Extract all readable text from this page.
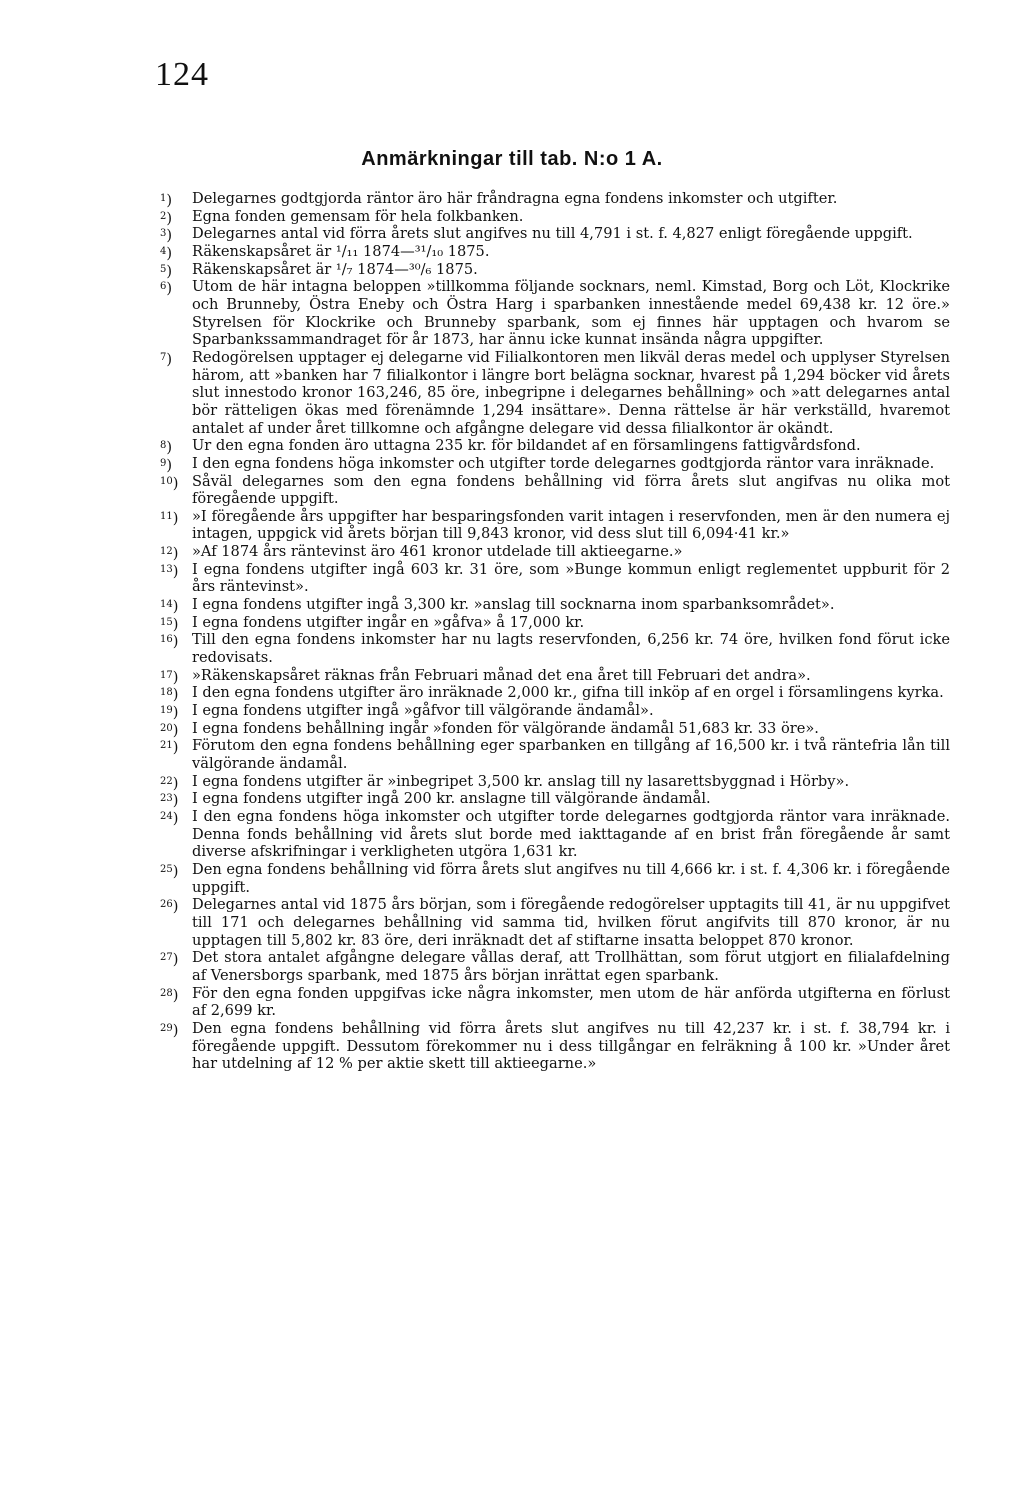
124
Anmärkningar till tab. N:o 1 A.
$^1$)	Delegarnes godtgjorda räntor äro här fråndragna egna fondens inkomster och utgifter.
$^2$)	Egna fonden gemensam för hela folkbanken.
$^3$)	Delegarnes antal vid förra årets slut angifves nu till 4,791 i st. f. 4,827 enligt föregående uppgift.
$^4$)	Räkenskapsåret är ¹/₁₁ 1874—³¹/₁₀ 1875.
$^5$)	Räkenskapsåret är ¹/₇ 1874—³⁰/₆ 1875.
$^6$)	Utom de här intagna beloppen »tillkomma följande socknars, neml. Kimstad, Borg och Löt, Klockrike och Brunneby, Östra Eneby och Östra Harg i sparbanken innestående medel 69,438 kr. 12 öre.» Styrelsen för Klockrike och Brunneby sparbank, som ej finnes här upptagen och hvarom se Sparbankssammandraget för år 1873, har ännu icke kunnat insända några uppgifter.
$^7$)	Redogörelsen upptager ej delegarne vid Filialkontoren men likväl deras medel och upplyser Styrelsen härom, att »banken har 7 filialkontor i längre bort belägna socknar, hvarest på 1,294 böcker vid årets slut innestodo kronor 163,246, 85 öre, inbegripne i delegarnes behållning» och »att delegarnes antal bör rätteligen ökas med förenämnde 1,294 insättare». Denna rättelse är här verkställd, hvaremot antalet af under året tillkomne och afgångne delegare vid dessa filialkontor är okändt.
$^8$)	Ur den egna fonden äro uttagna 235 kr. för bildandet af en församlingens fattigvårdsfond.
$^9$)	I den egna fondens höga inkomster och utgifter torde delegarnes godtgjorda räntor vara inräknade.
$^{10}$) Såväl delegarnes som den egna fondens behållning vid förra årets slut angifvas nu olika mot föregående uppgift.
$^{11}$) »I föregående års uppgifter har besparingsfonden varit intagen i reservfonden, men är den numera ej intagen, uppgick vid årets början till 9,843 kronor, vid dess slut till 6,094·41 kr.»
$^{12}$) »Af 1874 års räntevinst äro 461 kronor utdelade till aktieegarne.»
$^{13}$) I egna fondens utgifter ingå 603 kr. 31 öre, som »Bunge kommun enligt reglementet uppburit för 2 års räntevinst».
$^{14}$) I egna fondens utgifter ingå 3,300 kr. »anslag till socknarna inom sparbanksområdet».
$^{15}$) I egna fondens utgifter ingår en »gåfva» å 17,000 kr.
$^{16}$) Till den egna fondens inkomster har nu lagts reservfonden, 6,256 kr. 74 öre, hvilken fond förut icke redovisats.
$^{17}$) »Räkenskapsåret räknas från Februari månad det ena året till Februari det andra».
$^{18}$) I den egna fondens utgifter äro inräknade 2,000 kr., gifna till inköp af en orgel i församlingens kyrka.
$^{19}$) I egna fondens utgifter ingå »gåfvor till välgörande ändamål».
$^{20}$) I egna fondens behållning ingår »fonden för välgörande ändamål 51,683 kr. 33 öre».
$^{21}$) Förutom den egna fondens behållning eger sparbanken en tillgång af 16,500 kr. i två räntefria lån till välgörande ändamål.
$^{22}$) I egna fondens utgifter är »inbegripet 3,500 kr. anslag till ny lasarettsbyggnad i Hörby».
$^{23}$) I egna fondens utgifter ingå 200 kr. anslagne till välgörande ändamål.
$^{24}$) I den egna fondens höga inkomster och utgifter torde delegarnes godtgjorda räntor vara inräknade. Denna fonds behållning vid årets slut borde med iakttagande af en brist från föregående år samt diverse afskrifningar i verkligheten utgöra 1,631 kr.
$^{25}$) Den egna fondens behållning vid förra årets slut angifves nu till 4,666 kr. i st. f. 4,306 kr. i föregående uppgift.
$^{26}$) Delegarnes antal vid 1875 års början, som i föregående redogörelser upptagits till 41, är nu uppgifvet till 171 och delegarnes behållning vid samma tid, hvilken förut angifvits till 870 kronor, är nu upptagen till 5,802 kr. 83 öre, deri inräknadt det af stiftarne insatta beloppet 870 kronor.
$^{27}$) Det stora antalet afgångne delegare vållas deraf, att Trollhättan, som förut utgjort en filialafdelning af Venersborgs sparbank, med 1875 års början inrättat egen sparbank.
$^{28}$) För den egna fonden uppgifvas icke några inkomster, men utom de här anförda utgifterna en förlust af 2,699 kr.
$^{29}$) Den egna fondens behållning vid förra årets slut angifves nu till 42,237 kr. i st. f. 38,794 kr. i föregående uppgift. Dessutom förekommer nu i dess tillgångar en felräkning å 100 kr. »Under året har utdelning af 12 % per aktie skett till aktieegarne.»
